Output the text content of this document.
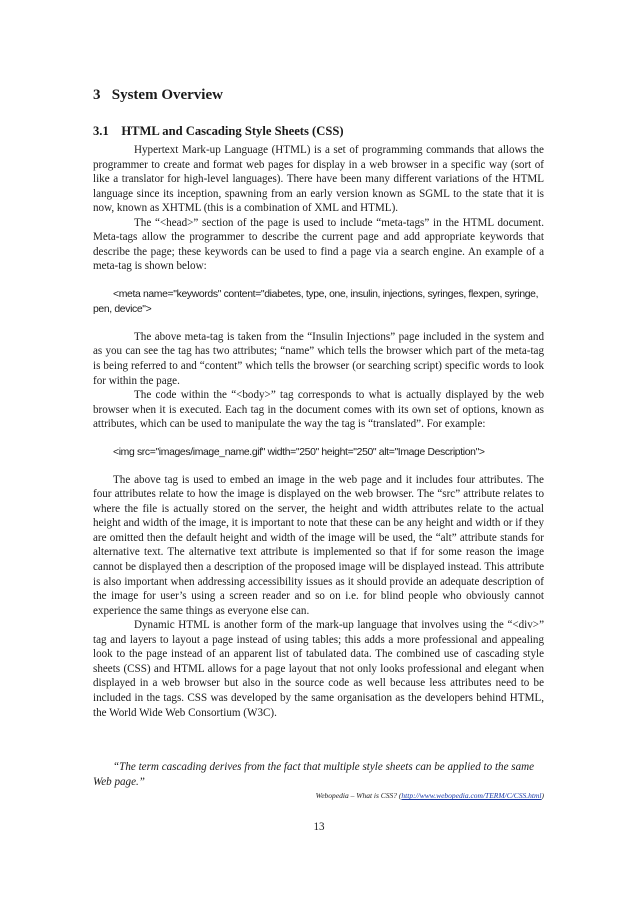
3 System Overview
3.1 HTML and Cascading Style Sheets (CSS)

Hypertext Mark-up Language (HTML) is a set of programming commands that allows the programmer to create and format web pages for display in a web browser in a specific way (sort of like a translator for high-level languages). There have been many different variations of the HTML language since its inception, spawning from an early version known as SGML to the state that it is now, known as XHTML (this is a combination of XML and HTML).

The “<head>” section of the page is used to include “meta-tags” in the HTML document. Meta-tags allow the programmer to describe the current page and add appropriate keywords that describe the page; these keywords can be used to find a page via a search engine. An example of a meta-tag is shown below:

<meta name="keywords" content="diabetes, type, one, insulin, injections, syringes, flexpen, syringe, pen, device">

The above meta-tag is taken from the “Insulin Injections” page included in the system and as you can see the tag has two attributes; “name” which tells the browser which part of the meta-tag is being referred to and “content” which tells the browser (or searching script) specific words to look for within the page.

The code within the “<body>” tag corresponds to what is actually displayed by the web browser when it is executed. Each tag in the document comes with its own set of options, known as attributes, which can be used to manipulate the way the tag is “translated”. For example:

<img src="images/image_name.gif" width="250" height="250" alt="Image Description">

The above tag is used to embed an image in the web page and it includes four attributes. The four attributes relate to how the image is displayed on the web browser. The “src” attribute relates to where the file is actually stored on the server, the height and width attributes relate to the actual height and width of the image, it is important to note that these can be any height and width or if they are omitted then the default height and width of the image will be used, the “alt” attribute stands for alternative text. The alternative text attribute is implemented so that if for some reason the image cannot be displayed then a description of the proposed image will be displayed instead. This attribute is also important when addressing accessibility issues as it should provide an adequate description of the image for user’s using a screen reader and so on i.e. for blind people who obviously cannot experience the same things as everyone else can.

Dynamic HTML is another form of the mark-up language that involves using the “<div>” tag and layers to layout a page instead of using tables; this adds a more professional and appealing look to the page instead of an apparent list of tabulated data. The combined use of cascading style sheets (CSS) and HTML allows for a page layout that not only looks professional and elegant when displayed in a web browser but also in the source code as well because less attributes need to be included in the tags. CSS was developed by the same organisation as the developers behind HTML, the World Wide Web Consortium (W3C).

“The term cascading derives from the fact that multiple style sheets can be applied to the same Web page.”

Webopedia – What is CSS? (http://www.webopedia.com/TERM/C/CSS.html)

13
